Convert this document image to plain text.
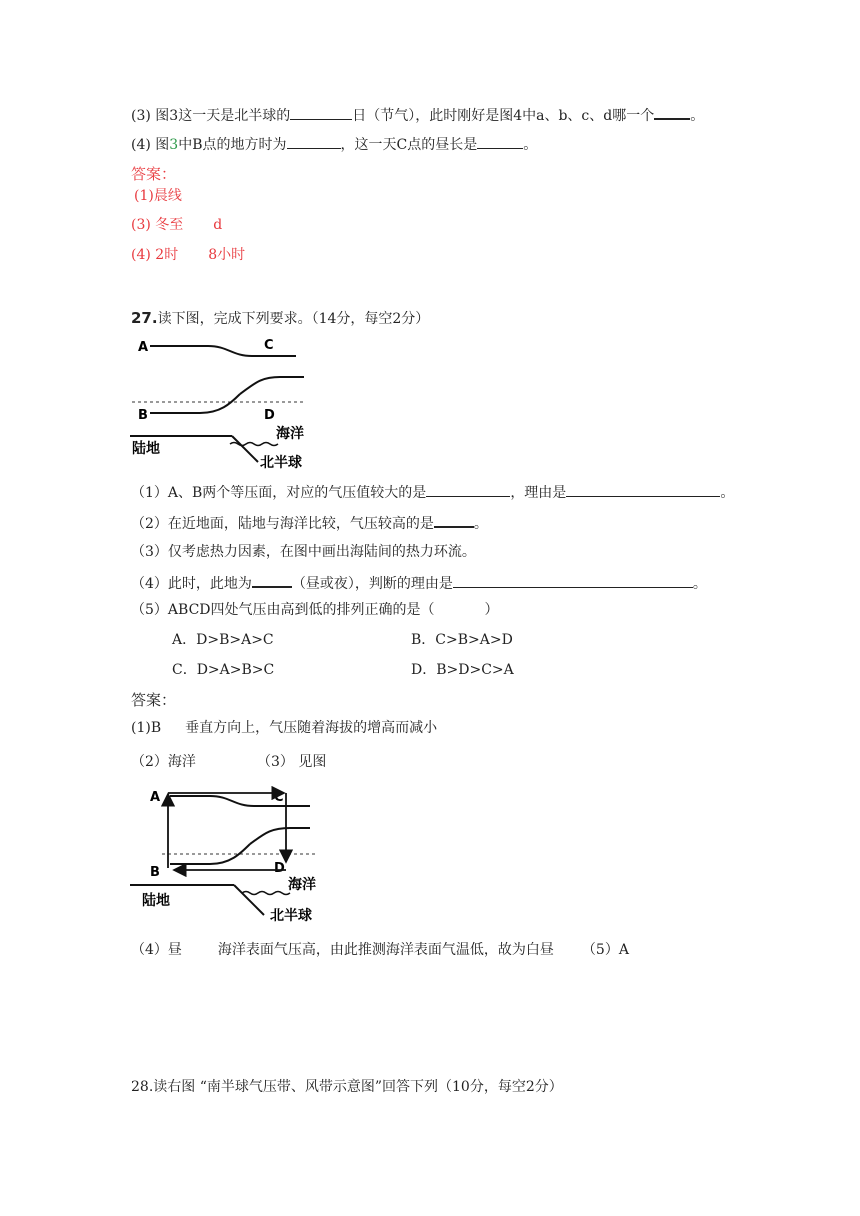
(3) 图3这一天是北半球的	日（节气），此时刚好是图4中a、b、c、d哪一个	。
(4) 图3中B点的地方时为	，这一天C点的昼长是	。
答案：
(1)晨线
(3) 冬至 d
(4) 2时 8小时
27.读下图，完成下列要求。（14分，每空2分）
A	C
B	D
陆地
海洋
北半球
（1）A、B两个等压面，对应的气压值较大的是	，理由是	。
（2）在近地面，陆地与海洋比较，气压较高的是	。
（3）仅考虑热力因素，在图中画出海陆间的热力环流。
（4）此时，此地为	（昼或夜），判断的理由是	。
（5）ABCD四处气压由高到低的排列正确的是（	）
A．D>B>A>C	B．C>B>A>D
C．D>A>B>C	D．B>D>C>A
答案：
(1)B 垂直方向上，气压随着海拔的增高而减小
（2）海洋	（3） 见图
A	C
B	D
陆地
海洋
北半球
（4）昼	海洋表面气压高，由此推测海洋表面气温低，故为白昼 （5）A
28.读右图 “南半球气压带、风带示意图”回答下列（10分，每空2分）
